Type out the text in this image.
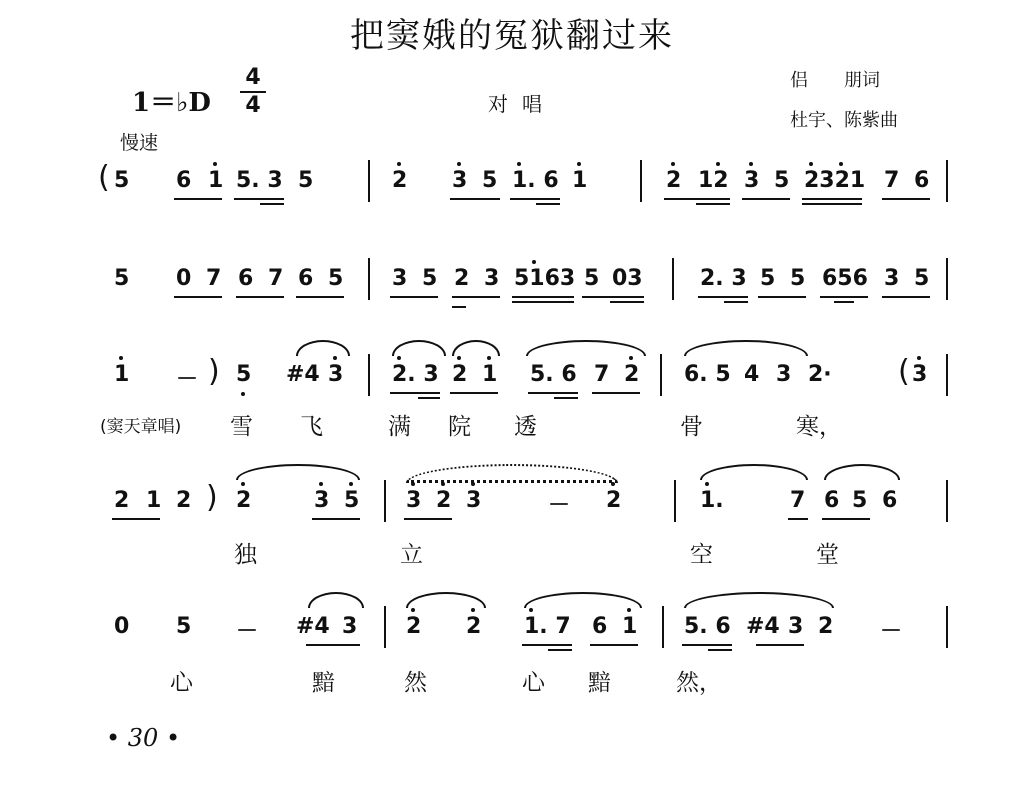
把窦娥的冤狱翻过来
1＝♭D
4
4	对唱
侣　　朋词
杜宇、陈紫曲
慢速
( 5 6 1 5. 3 5	2 3 5 1. 6 1	2 12 3 5 2321 7 6
5 0 7 6 7 6 5 3 5 2 3 5163 5 03	2. 3 5 5 656 3 5
1 － ) 5 #4 3 2. 3 2 1 5. 6 7 2 6. 5 4 3 2· ( 3
(窦天章唱) 雪 飞	满 院 透	骨	寒，
2 1 2 ) 2	3 5 3 2 3	－ 2	1.	7 6 5 6
独	立	空	堂
0 5 － #4 3 2 2 1. 7 6 1 5. 6 #4 3 2 －
心	黯	然	心 黯	然，
• 30 •
